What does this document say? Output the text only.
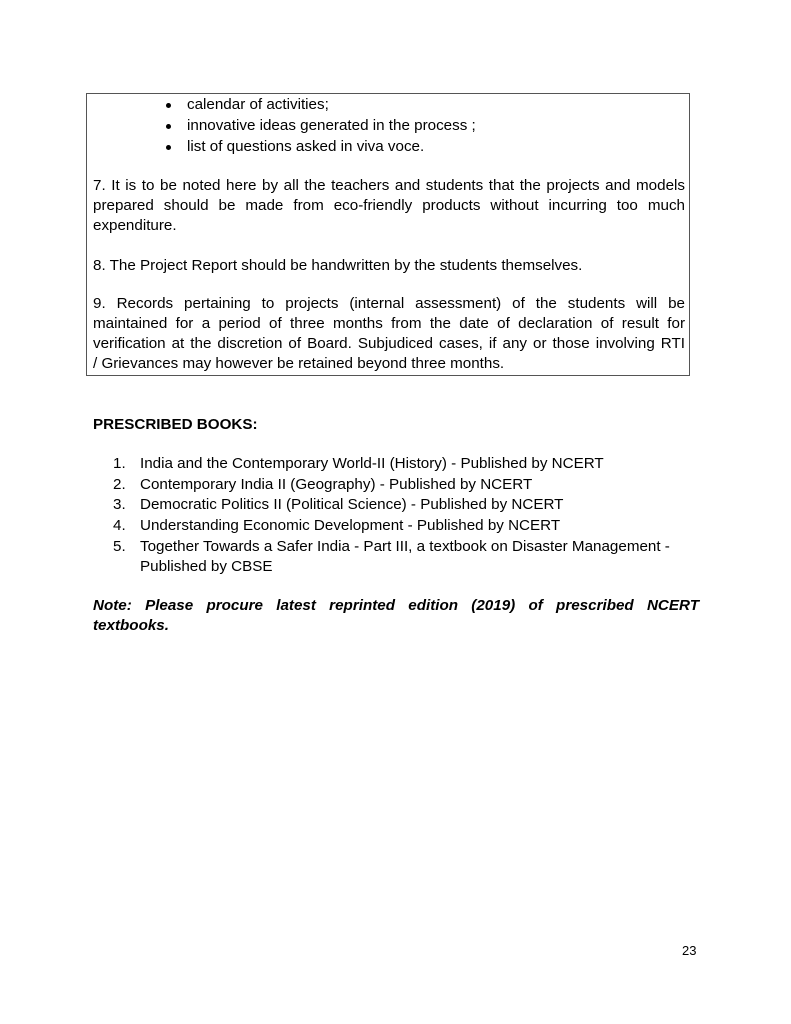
calendar of activities;
innovative ideas generated in the process ;
list of questions asked in viva voce.
7. It is to be noted here by all the teachers and students that the projects and models
prepared should be made from eco-friendly products without incurring too much
expenditure.
8. The Project Report should be handwritten by the students themselves.
9. Records pertaining to projects (internal assessment) of the students will be
maintained for a period of three months from the date of declaration of result for
verification at the discretion of Board. Subjudiced cases, if any or those involving RTI
/ Grievances may however be retained beyond three months.
PRESCRIBED BOOKS:
1. India and the Contemporary World-II (History) - Published by NCERT
2. Contemporary India II (Geography) - Published by NCERT
3. Democratic Politics II (Political Science) - Published by NCERT
4. Understanding Economic Development - Published by NCERT
5. Together Towards a Safer India - Part III, a textbook on Disaster Management -
Published by CBSE
Note: Please procure latest reprinted edition (2019) of prescribed NCERT
textbooks.
23
